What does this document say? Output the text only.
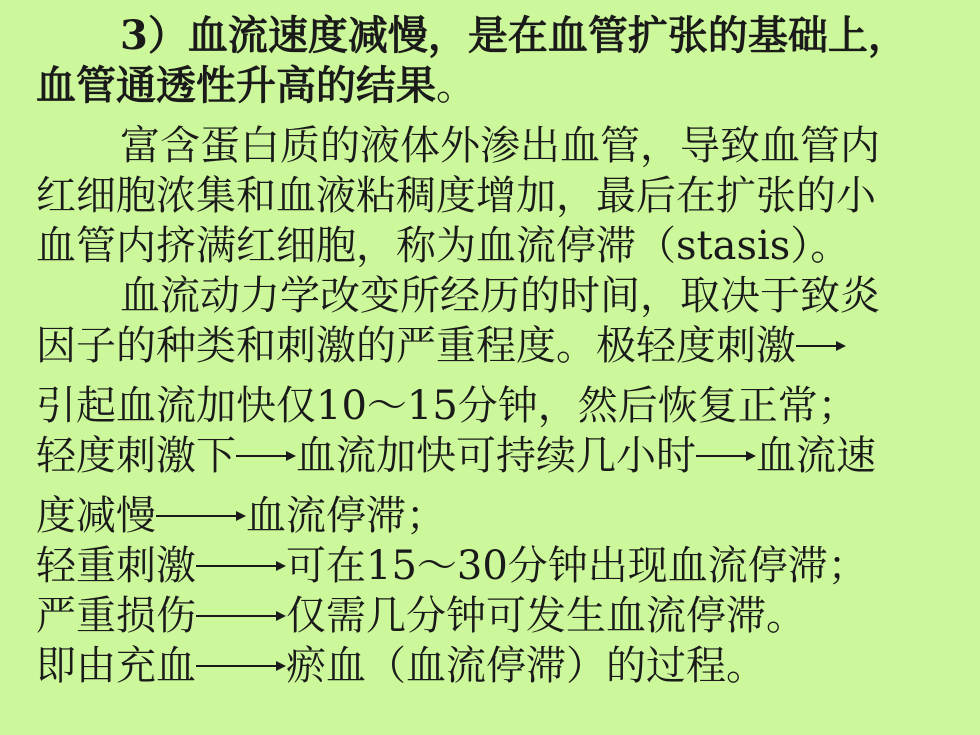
3）血流速度减慢，是在血管扩张的基础上，
血管通透性升高的结果。
富含蛋白质的液体外渗出血管，导致血管内
红细胞浓集和血液粘稠度增加，最后在扩张的小
血管内挤满红细胞，称为血流停滞（stasis）。
血流动力学改变所经历的时间，取决于致炎
因子的种类和刺激的严重程度。极轻度刺激
引起血流加快仅10～15分钟，然后恢复正常；
轻度刺激下 血流加快可持续几小时 血流速
度减慢 血流停滞；
轻重刺激 可在15～30分钟出现血流停滞；
严重损伤 仅需几分钟可发生血流停滞。
即由充血 瘀血（血流停滞）的过程。
